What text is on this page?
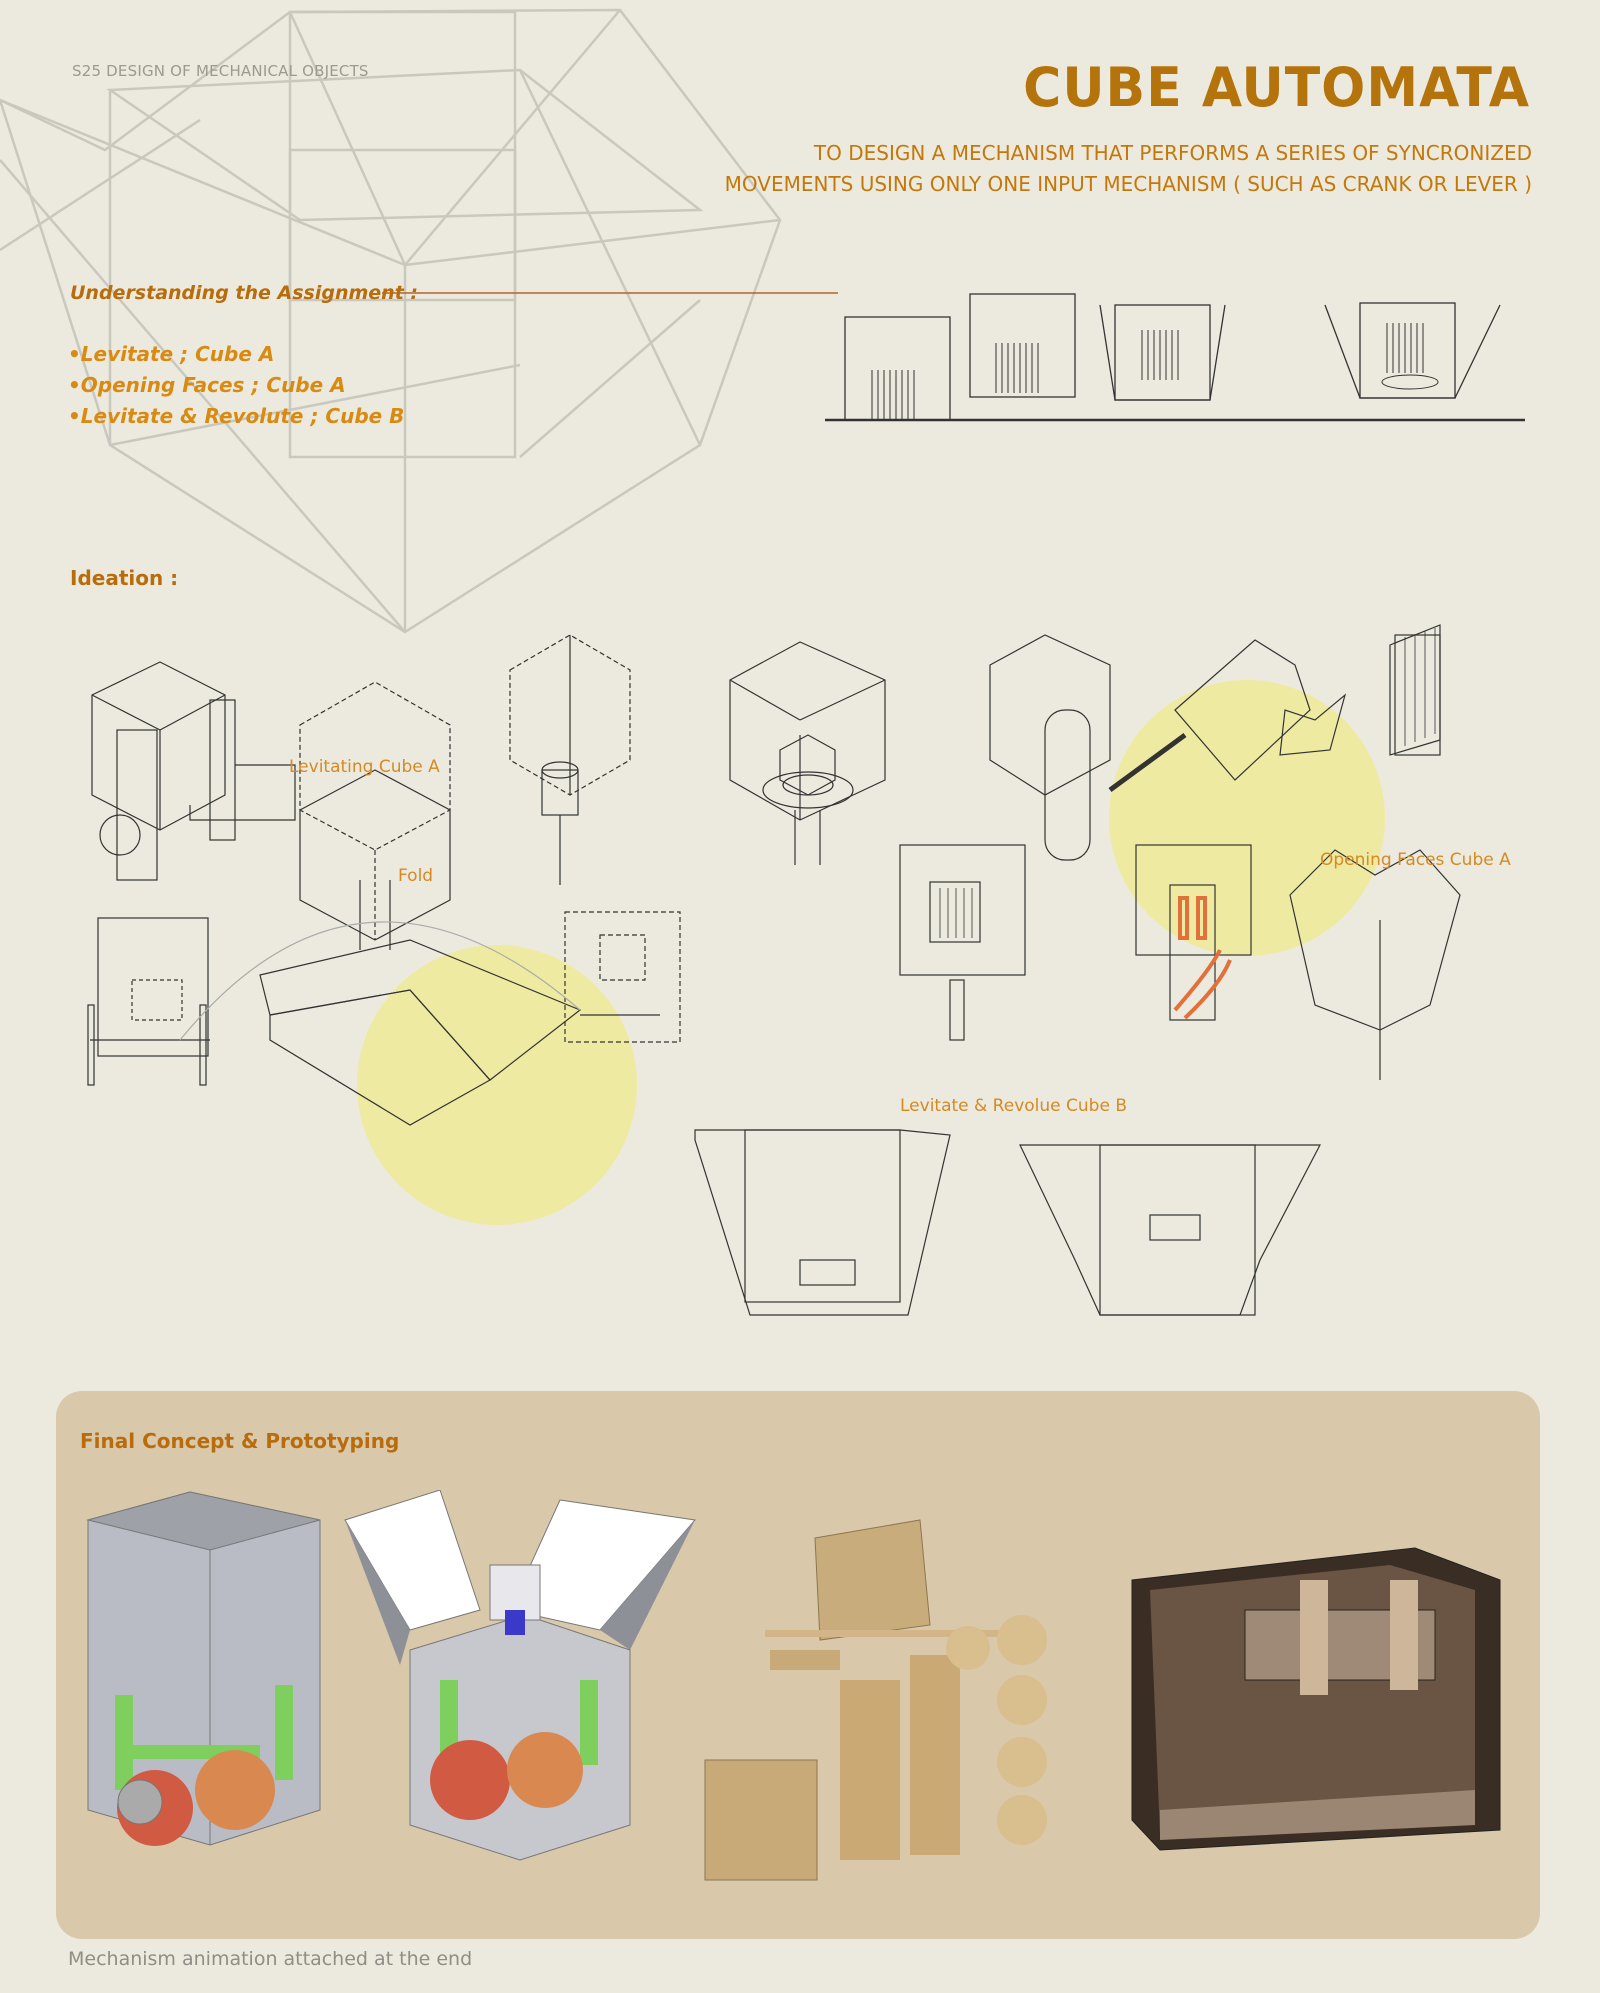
S25 DESIGN OF MECHANICAL OBJECTS	CUBE AUTOMATA
TO DESIGN A MECHANISM THAT PERFORMS A SERIES OF SYNCRONIZED
MOVEMENTS USING ONLY ONE INPUT MECHANISM ( SUCH AS CRANK OR LEVER )
Understanding the Assignment :
•Levitate ; Cube A
•Opening Faces ; Cube A
•Levitate & Revolute ; Cube B
Ideation :
Levitating Cube A
Fold
Opening Faces Cube A
Levitate & Revolue Cube B
Final Concept & Prototyping
Mechanism animation attached at the end
